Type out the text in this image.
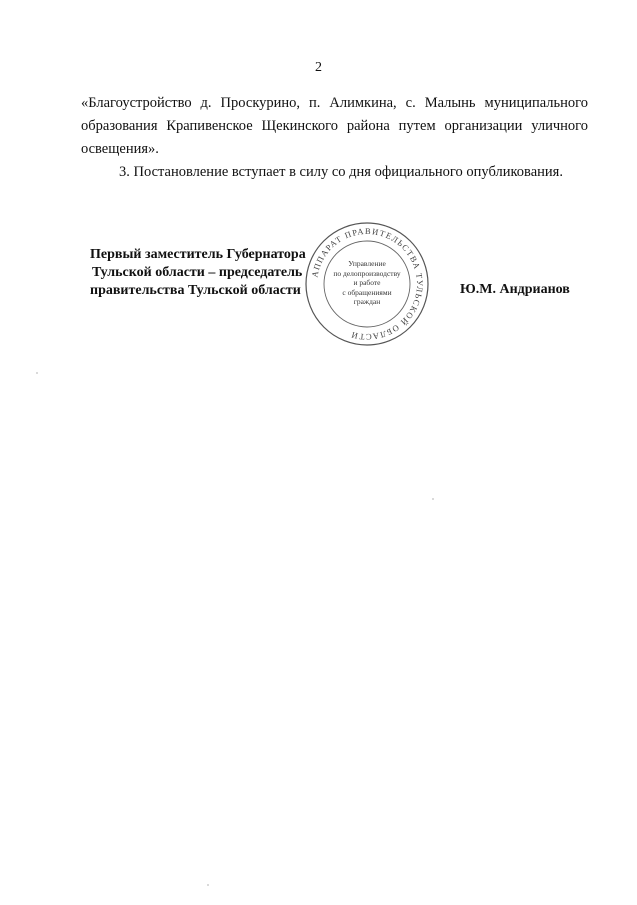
2

«Благоустройство д. Проскурино, п. Алимкина, с. Малынь муниципального образования Крапивенское Щекинского района путем организации уличного освещения».

3. Постановление вступает в силу со дня официального опубликования.

Первый заместитель Губернатора
Тульской области – председатель
правительства Тульской области
АППАРАТ ПРАВИТЕЛЬСТВА ТУЛЬСКОЙ ОБЛАСТИ
Управление
по делопроизводству
и работе
с обращениями
граждан
Ю.М. Андрианов
